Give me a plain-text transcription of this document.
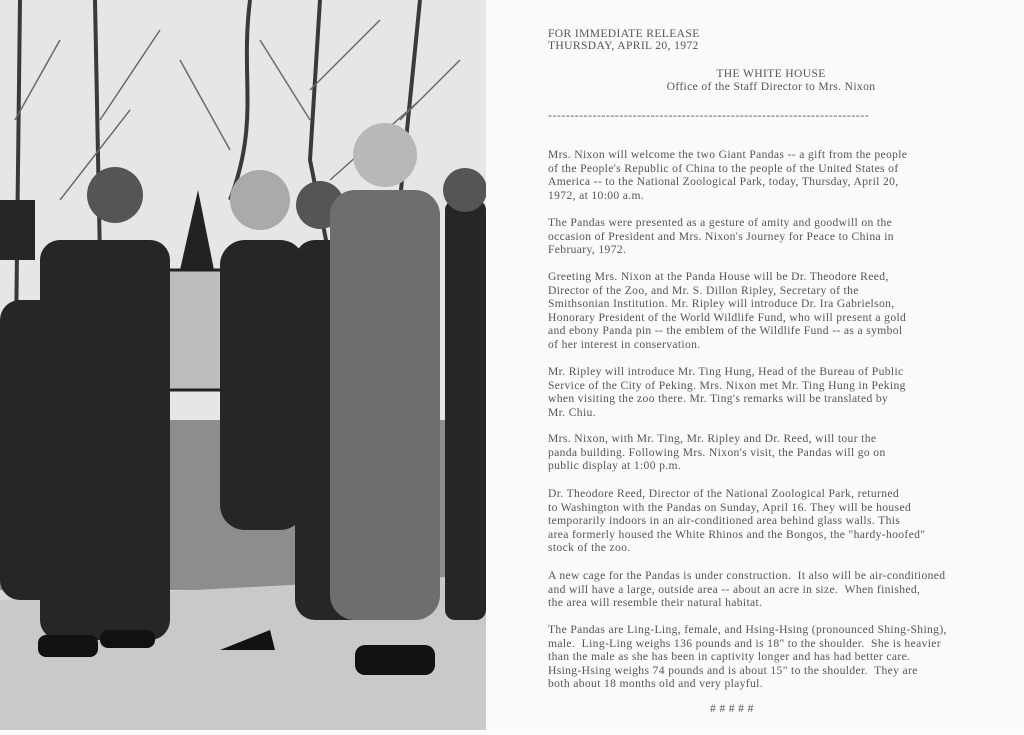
FOR IMMEDIATE RELEASE
THURSDAY, APRIL 20, 1972
THE WHITE HOUSE
Office of the Staff Director to Mrs. Nixon
------------------------------------------------------------------------
Mrs. Nixon will welcome the two Giant Pandas -- a gift from the people
of the People's Republic of China to the people of the United States of
America -- to the National Zoological Park, today, Thursday, April 20,
1972, at 10:00 a.m.
The Pandas were presented as a gesture of amity and goodwill on the
occasion of President and Mrs. Nixon's Journey for Peace to China in
February, 1972.
Greeting Mrs. Nixon at the Panda House will be Dr. Theodore Reed,
Director of the Zoo, and Mr. S. Dillon Ripley, Secretary of the
Smithsonian Institution. Mr. Ripley will introduce Dr. Ira Gabrielson,
Honorary President of the World Wildlife Fund, who will present a gold
and ebony Panda pin -- the emblem of the Wildlife Fund -- as a symbol
of her interest in conservation.
Mr. Ripley will introduce Mr. Ting Hung, Head of the Bureau of Public
Service of the City of Peking. Mrs. Nixon met Mr. Ting Hung in Peking
when visiting the zoo there. Mr. Ting's remarks will be translated by
Mr. Chiu.
Mrs. Nixon, with Mr. Ting, Mr. Ripley and Dr. Reed, will tour the
panda building. Following Mrs. Nixon's visit, the Pandas will go on
public display at 1:00 p.m.
Dr. Theodore Reed, Director of the National Zoological Park, returned
to Washington with the Pandas on Sunday, April 16. They will be housed
temporarily indoors in an air-conditioned area behind glass walls. This
area formerly housed the White Rhinos and the Bongos, the "hardy-hoofed"
stock of the zoo.
A new cage for the Pandas is under construction.  It also will be air-conditioned
and will have a large, outside area -- about an acre in size.  When finished,
the area will resemble their natural habitat.
The Pandas are Ling-Ling, female, and Hsing-Hsing (pronounced Shing-Shing),
male.  Ling-Ling weighs 136 pounds and is 18" to the shoulder.  She is heavier
than the male as she has been in captivity longer and has had better care.
Hsing-Hsing weighs 74 pounds and is about 15" to the shoulder.  They are
both about 18 months old and very playful.
# # # # #
